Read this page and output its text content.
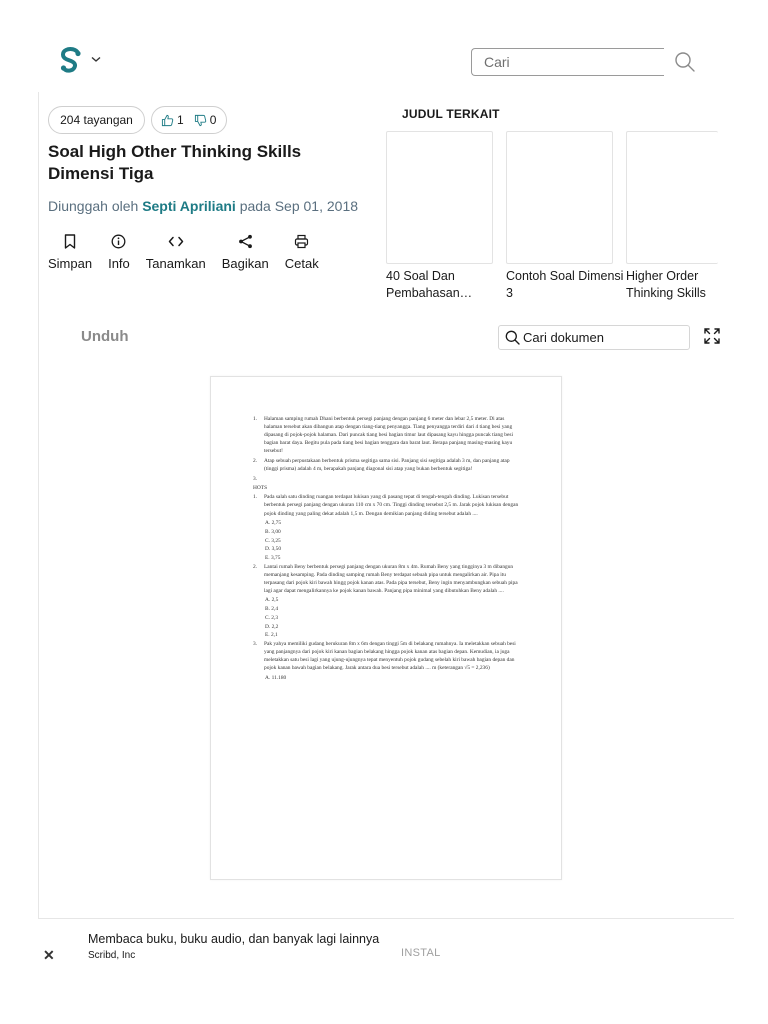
Cari
204 tayangan	1 0
Soal High Other Thinking Skills Dimensi Tiga
Diunggah oleh Septi Apriliani pada Sep 01, 2018
Simpan Info Tanamkan Bagikan Cetak
JUDUL TERKAIT
40 Soal Dan Pembahasan…
Contoh Soal Dimensi 3
Higher Order Thinking Skills
Unduh
Cari dokumen
1.	Halaman samping rumah Dhani berbentuk persegi panjang dengan panjang 6 meter dan lebar 2,5 meter. Di atas halaman tersebut akan dibangun atap dengan tiang-tiang penyangga. Tiang penyangga terdiri dari 4 tiang besi yang dipasang di pojok-pojok halaman. Dari puncak tiang besi bagian timur laut dipasang kayu hingga puncak tiang besi bagian barat daya. Begitu pula pada tiang besi bagian tenggara dan barat laut. Berapa panjang masing-masing kayu tersebut!
2.	Atap sebuah perpustakaan berbentuk prisma segitiga sama sisi. Panjang sisi segitiga adalah 3 m, dan panjang atap (tinggi prisma) adalah 4 m, berapakah panjang diagonal sisi atap yang bukan berbentuk segitiga!
3.
HOTS
1.	Pada salah satu dinding ruangan terdapat lukisan yang di pasang tepat di tengah-tengah dinding. Lukisan tersebut berbentuk persegi panjang dengan ukuran 110 cm x 70 cm. Tinggi dinding tersebut 2,5 m. Jarak pojok lukisan dengan pojok dinding yang paling dekat adalah 1,5 m. Dengan demikian panjang diding tersebut adalah ....
A. 2,75
B. 3,00
C. 3,25
D. 3,50
E. 3,75
2.	Lantai rumah Beny berbentuk persegi panjang dengan ukuran 8m x 4m. Rumah Beny yang tingginya 3 m dibangun memanjang kesamping. Pada dinding samping rumah Beny terdapat sebuah pipa untuk mengalirkan air. Pipa itu terpasang dari pojok kiri bawah hingg pojok kanan atas. Pada pipa tersebut, Beny ingin menyambungkan sebuah pipa lagi agar dapat mengalirkannya ke pojok kanan bawah. Panjang pipa minimal yang dibutuhkan Beny adalah ....
A. 2,5
B. 2,4
C. 2,3
D. 2,2
E. 2,1
3.	Pak yahya memiliki gudang berukuran 8m x 6m dengan tinggi 5m di belakang rumahnya. Ia meletakkan sebuah besi yang panjangnya dari pojok kiri kanan bagian belakang hingga pojok kanan atas bagian depan. Kemudian, ia juga meletakkan satu besi lagi yang ujung-ujungnya tepat menyentuh pojok gudang sebelah kiri bawah bagian depan dan pojok kanan bawah bagian belakang. Jarak antara dua besi tersebut adalah .... m (keterangan √5 = 2,236)
A. 11.180
✕
Membaca buku, buku audio, dan banyak lagi lainnya
Scribd, Inc	INSTAL
